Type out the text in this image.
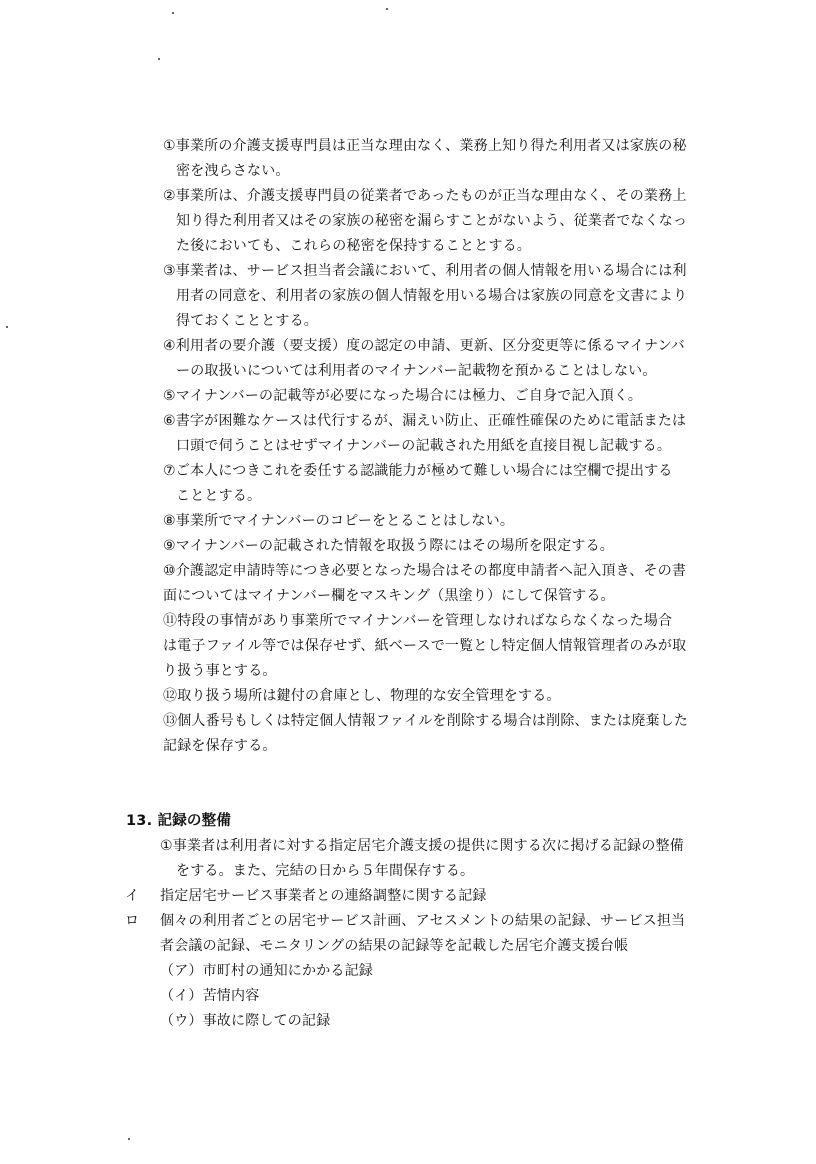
①事業所の介護支援専門員は正当な理由なく、業務上知り得た利用者又は家族の秘
密を洩らさない。
②事業所は、介護支援専門員の従業者であったものが正当な理由なく、その業務上
知り得た利用者又はその家族の秘密を漏らすことがないよう、従業者でなくなっ
た後においても、これらの秘密を保持することとする。
③事業者は、サービス担当者会議において、利用者の個人情報を用いる場合には利
用者の同意を、利用者の家族の個人情報を用いる場合は家族の同意を文書により
得ておくこととする。
④利用者の要介護（要支援）度の認定の申請、更新、区分変更等に係るマイナンバ
ーの取扱いについては利用者のマイナンバー記載物を預かることはしない。
⑤マイナンバーの記載等が必要になった場合には極力、ご自身で記入頂く。
⑥書字が困難なケースは代行するが、漏えい防止、正確性確保のために電話または
口頭で伺うことはせずマイナンバーの記載された用紙を直接目視し記載する。
⑦ご本人につきこれを委任する認識能力が極めて難しい場合には空欄で提出する
こととする。
⑧事業所でマイナンバーのコピーをとることはしない。
⑨マイナンバーの記載された情報を取扱う際にはその場所を限定する。
⑩介護認定申請時等につき必要となった場合はその都度申請者へ記入頂き、その書
面についてはマイナンバー欄をマスキング（黒塗り）にして保管する。
⑪特段の事情があり事業所でマイナンバーを管理しなければならなくなった場合
は電子ファイル等では保存せず、紙ベースで一覧とし特定個人情報管理者のみが取
り扱う事とする。
⑫取り扱う場所は鍵付の倉庫とし、物理的な安全管理をする。
⑬個人番号もしくは特定個人情報ファイルを削除する場合は削除、または廃棄した
記録を保存する。
13. 記録の整備
①事業者は利用者に対する指定居宅介護支援の提供に関する次に掲げる記録の整備
をする。また、完結の日から５年間保存する。
イ 指定居宅サービス事業者との連絡調整に関する記録
ロ 個々の利用者ごとの居宅サービス計画、アセスメントの結果の記録、サービス担当
者会議の記録、モニタリングの結果の記録等を記載した居宅介護支援台帳
（ア）市町村の通知にかかる記録
（イ）苦情内容
（ウ）事故に際しての記録
